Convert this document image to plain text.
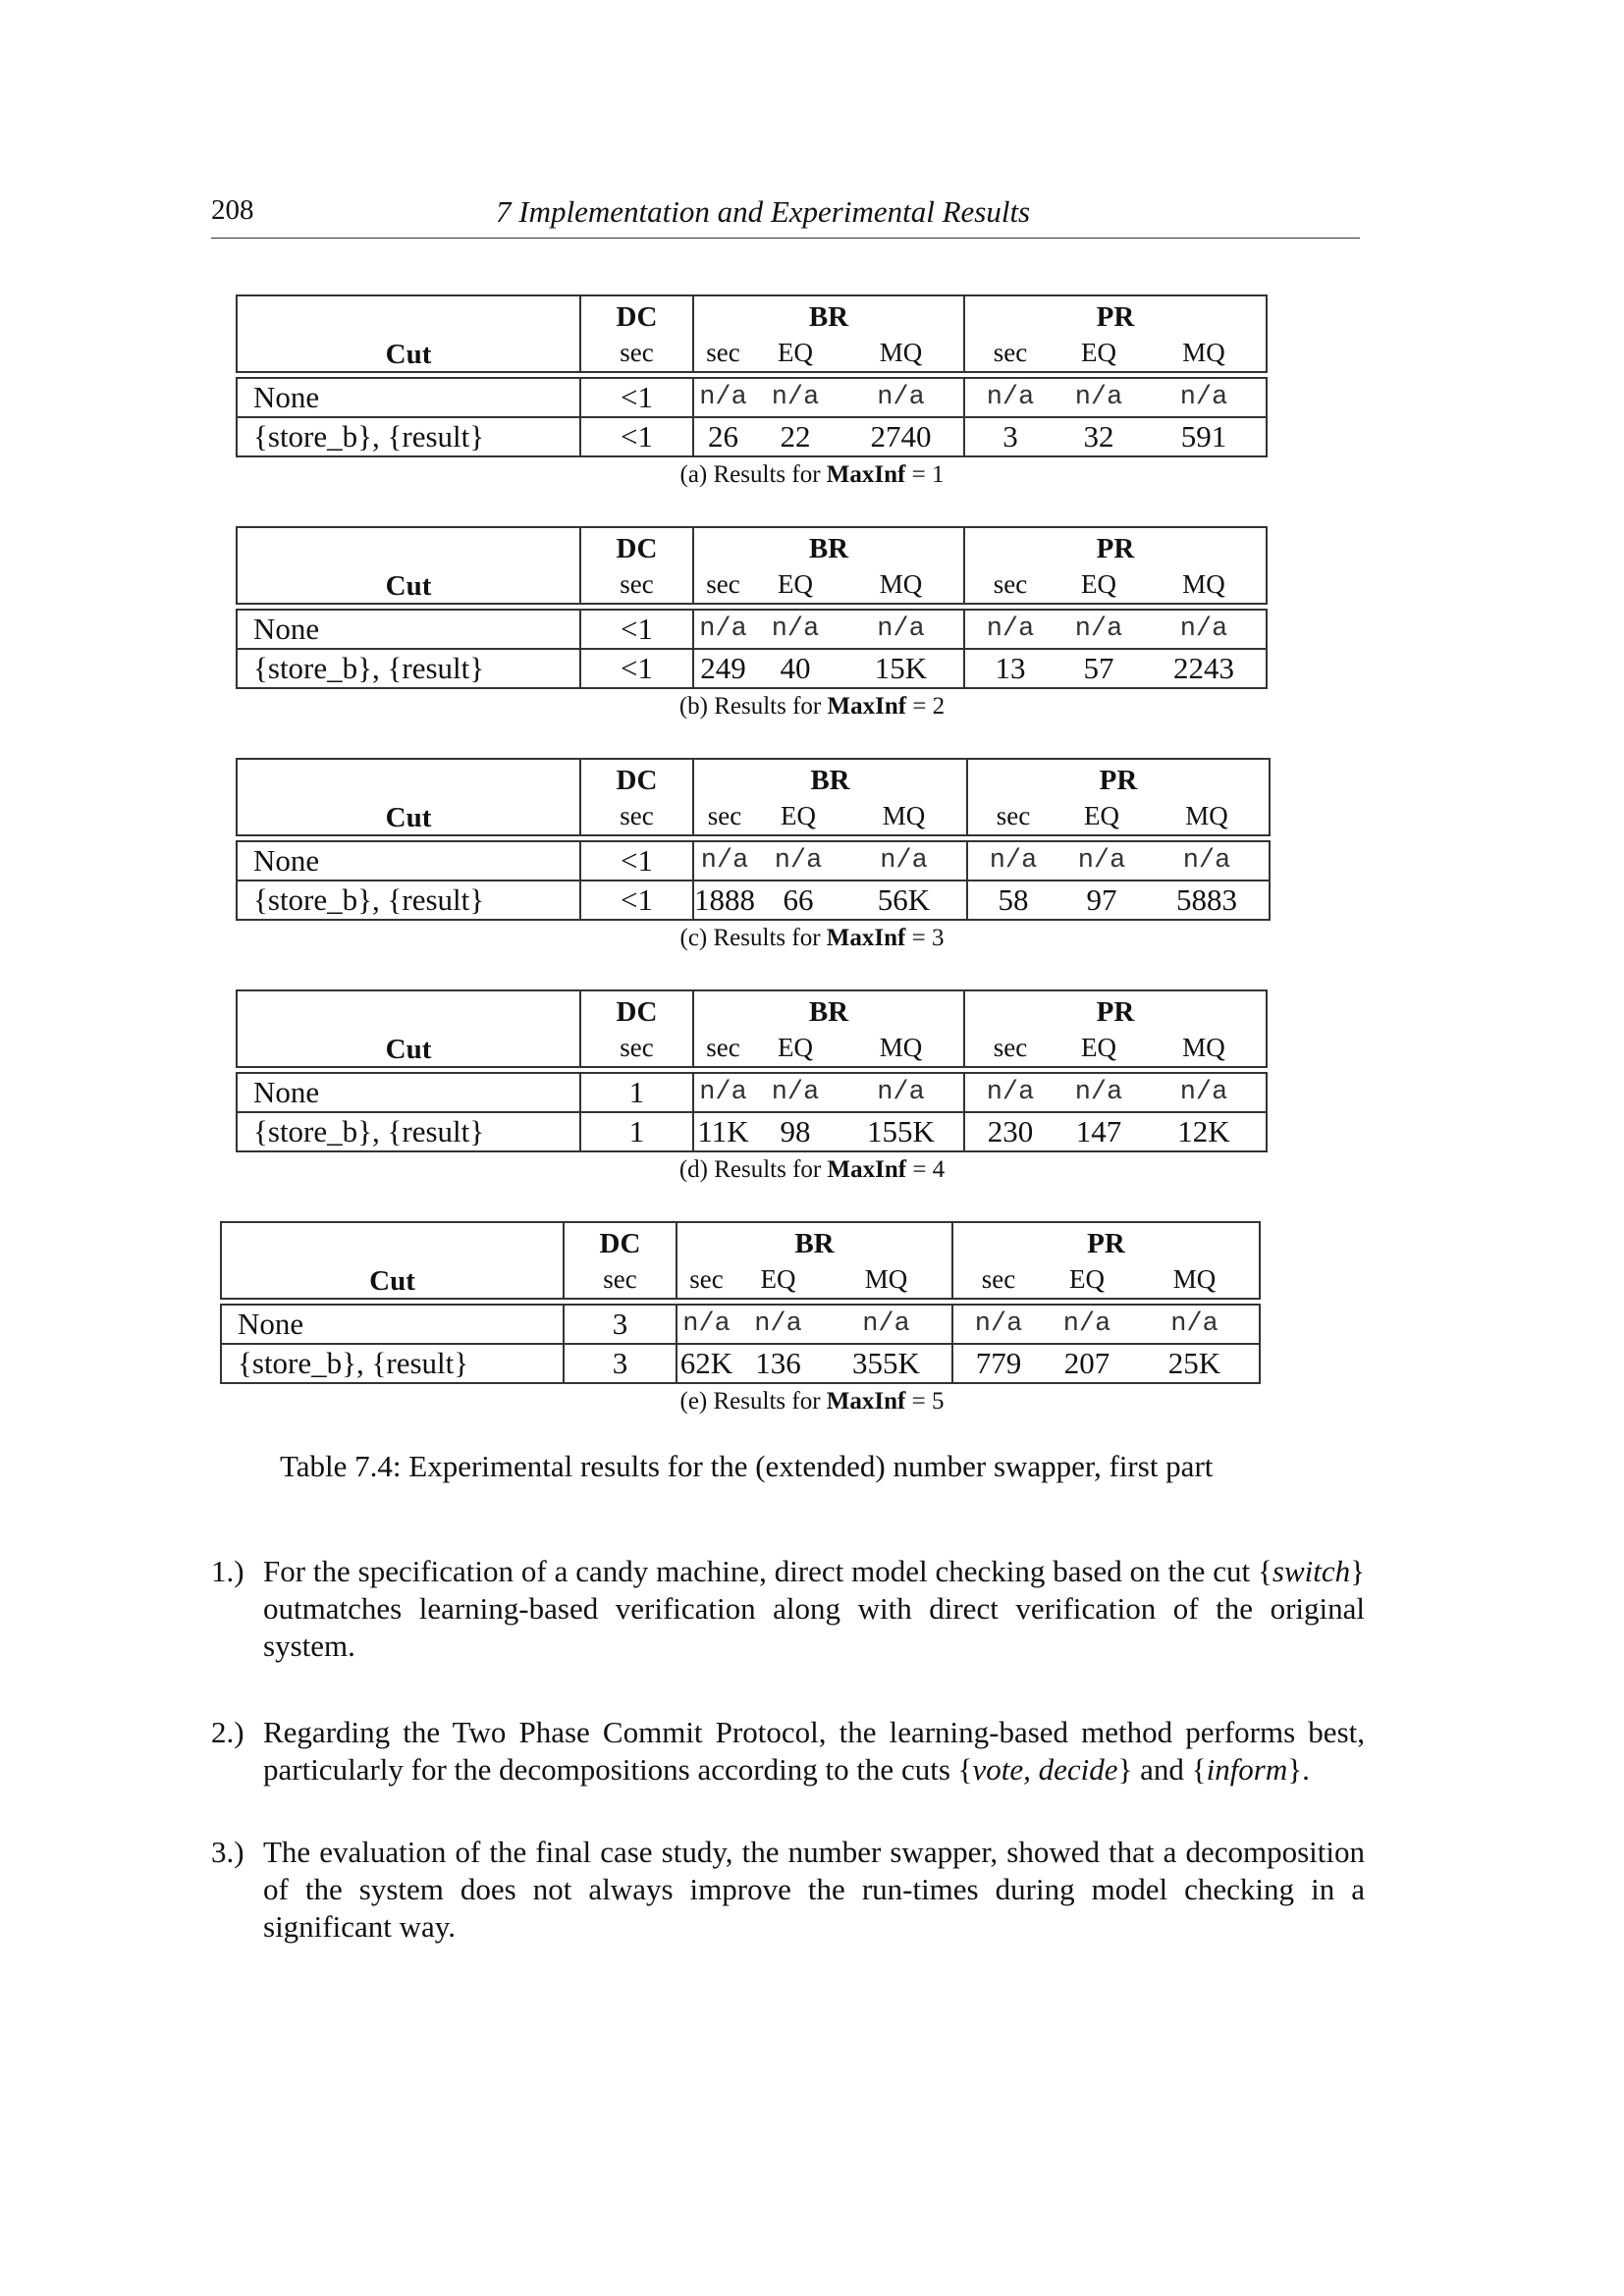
208	7 Implementation and Experimental Results
Cut	DC	BR			PR		
	sec	sec	EQ	MQ	sec	EQ	MQ

None	<1	n/a	n/a	n/a	n/a	n/a	n/a
{store_b}, {result}	<1	26	22	2740	3	32	591
(a) Results for MaxInf = 1
Cut	DC	BR			PR		
	sec	sec	EQ	MQ	sec	EQ	MQ

None	<1	n/a	n/a	n/a	n/a	n/a	n/a
{store_b}, {result}	<1	249	40	15K	13	57	2243
(b) Results for MaxInf = 2
Cut	DC	BR			PR		
	sec	sec	EQ	MQ	sec	EQ	MQ

None	<1	n/a	n/a	n/a	n/a	n/a	n/a
{store_b}, {result}	<1	1888	66	56K	58	97	5883
(c) Results for MaxInf = 3
Cut	DC	BR			PR		
	sec	sec	EQ	MQ	sec	EQ	MQ

None	1	n/a	n/a	n/a	n/a	n/a	n/a
{store_b}, {result}	1	11K	98	155K	230	147	12K
(d) Results for MaxInf = 4
Cut	DC	BR			PR		
	sec	sec	EQ	MQ	sec	EQ	MQ

None	3	n/a	n/a	n/a	n/a	n/a	n/a
{store_b}, {result}	3	62K	136	355K	779	207	25K
(e) Results for MaxInf = 5
Table 7.4: Experimental results for the (extended) number swapper, first part
1.) For the specification of a candy machine, direct model checking based on the cut {switch} outmatches learning-based verification along with direct verification of the original system.
2.) Regarding the Two Phase Commit Protocol, the learning-based method performs best, particularly for the decompositions according to the cuts {vote, decide} and {inform}.
3.) The evaluation of the final case study, the number swapper, showed that a decomposition of the system does not always improve the run-times during model checking in a significant way.
